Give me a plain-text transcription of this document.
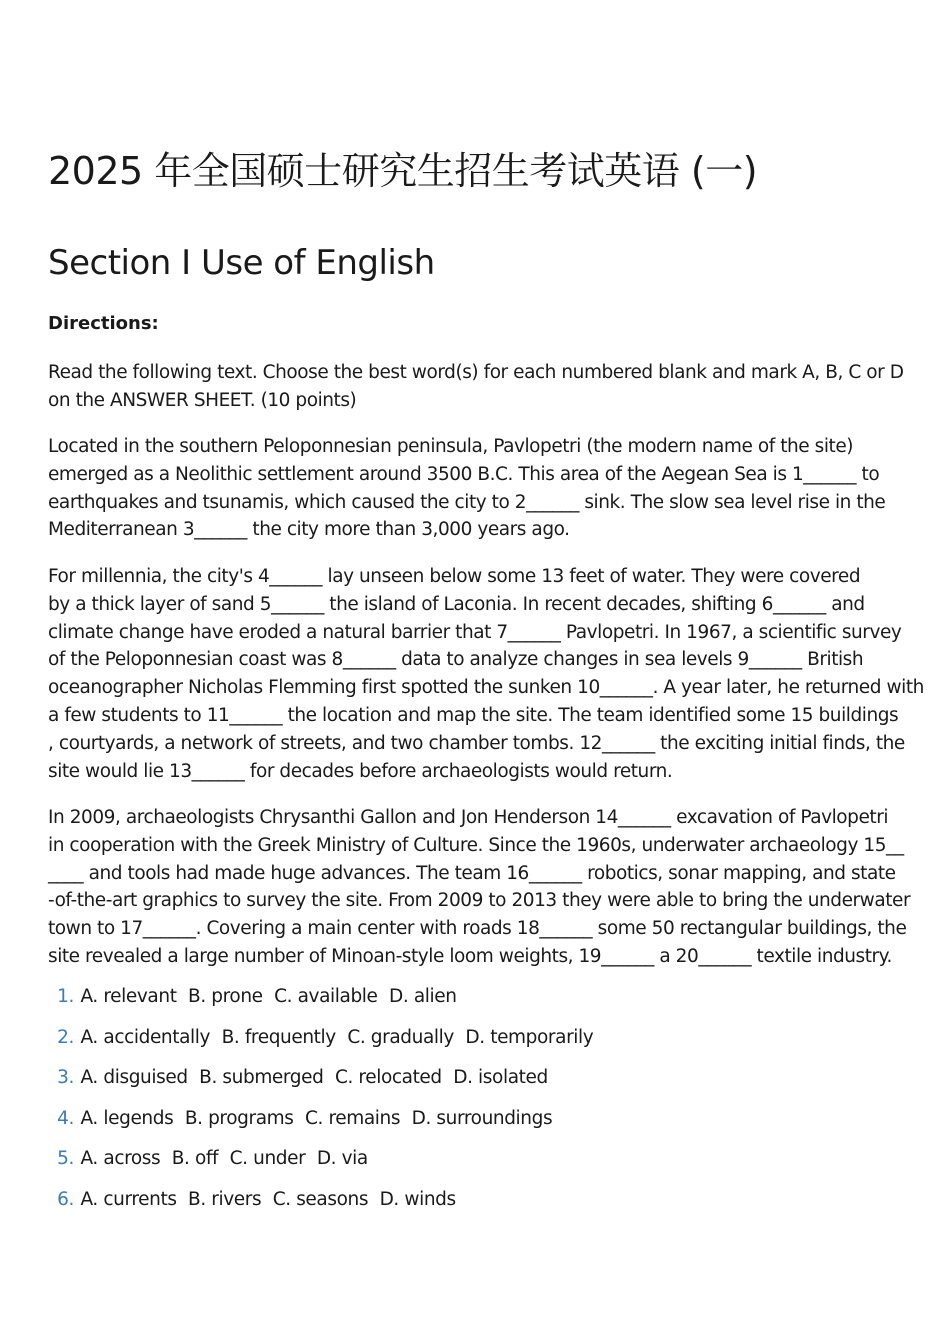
2025 年全国硕士研究生招生考试英语 (一)
Section I Use of English

Directions:

Read the following text. Choose the best word(s) for each numbered blank and mark A, B, C or D
on the ANSWER SHEET. (10 points)

Located in the southern Peloponnesian peninsula, Pavlopetri (the modern name of the site)
emerged as a Neolithic settlement around 3500 B.C. This area of the Aegean Sea is 1______ to
earthquakes and tsunamis, which caused the city to 2______ sink. The slow sea level rise in the
Mediterranean 3______ the city more than 3,000 years ago.

For millennia, the city's 4______ lay unseen below some 13 feet of water. They were covered
by a thick layer of sand 5______ the island of Laconia. In recent decades, shifting 6______ and
climate change have eroded a natural barrier that 7______ Pavlopetri. In 1967, a scientific survey
of the Peloponnesian coast was 8______ data to analyze changes in sea levels 9______ British
oceanographer Nicholas Flemming first spotted the sunken 10______. A year later, he returned with
a few students to 11______ the location and map the site. The team identified some 15 buildings
, courtyards, a network of streets, and two chamber tombs. 12______ the exciting initial finds, the
site would lie 13______ for decades before archaeologists would return.

In 2009, archaeologists Chrysanthi Gallon and Jon Henderson 14______ excavation of Pavlopetri
in cooperation with the Greek Ministry of Culture. Since the 1960s, underwater archaeology 15__
____ and tools had made huge advances. The team 16______ robotics, sonar mapping, and state
-of-the-art graphics to survey the site. From 2009 to 2013 they were able to bring the underwater
town to 17______. Covering a main center with roads 18______ some 50 rectangular buildings, the
site revealed a large number of Minoan-style loom weights, 19______ a 20______ textile industry.

1. A. relevant B. prone C. available D. alien
2. A. accidentally B. frequently C. gradually D. temporarily
3. A. disguised B. submerged C. relocated D. isolated
4. A. legends B. programs C. remains D. surroundings
5. A. across B. off C. under D. via
6. A. currents B. rivers C. seasons D. winds
